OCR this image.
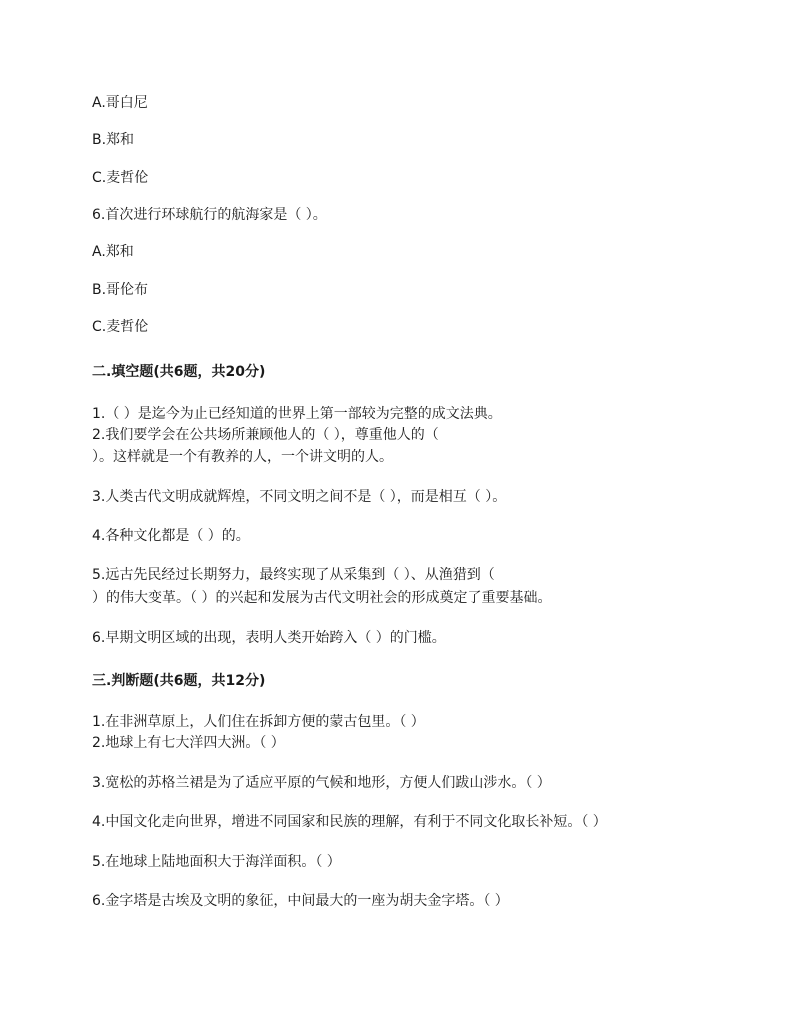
A.哥白尼
B.郑和
C.麦哲伦
6.首次进行环球航行的航海家是（ ）。
A.郑和
B.哥伦布
C.麦哲伦
二.填空题(共6题，共20分)
1.（ ）是迄今为止已经知道的世界上第一部较为完整的成文法典。
2.我们要学会在公共场所兼顾他人的（ ），尊重他人的（
）。这样就是一个有教养的人，一个讲文明的人。
3.人类古代文明成就辉煌，不同文明之间不是（ ），而是相互（ ）。
4.各种文化都是（ ）的。
5.远古先民经过长期努力，最终实现了从采集到（ ）、从渔猎到（
）的伟大变革。（ ）的兴起和发展为古代文明社会的形成奠定了重要基础。
6.早期文明区域的出现，表明人类开始跨入（ ）的门槛。
三.判断题(共6题，共12分)
1.在非洲草原上，人们住在拆卸方便的蒙古包里。（ ）
2.地球上有七大洋四大洲。（ ）
3.宽松的苏格兰裙是为了适应平原的气候和地形，方便人们跋山涉水。（ ）
4.中国文化走向世界，增进不同国家和民族的理解，有利于不同文化取长补短。（ ）
5.在地球上陆地面积大于海洋面积。（ ）
6.金字塔是古埃及文明的象征，中间最大的一座为胡夫金字塔。（ ）
